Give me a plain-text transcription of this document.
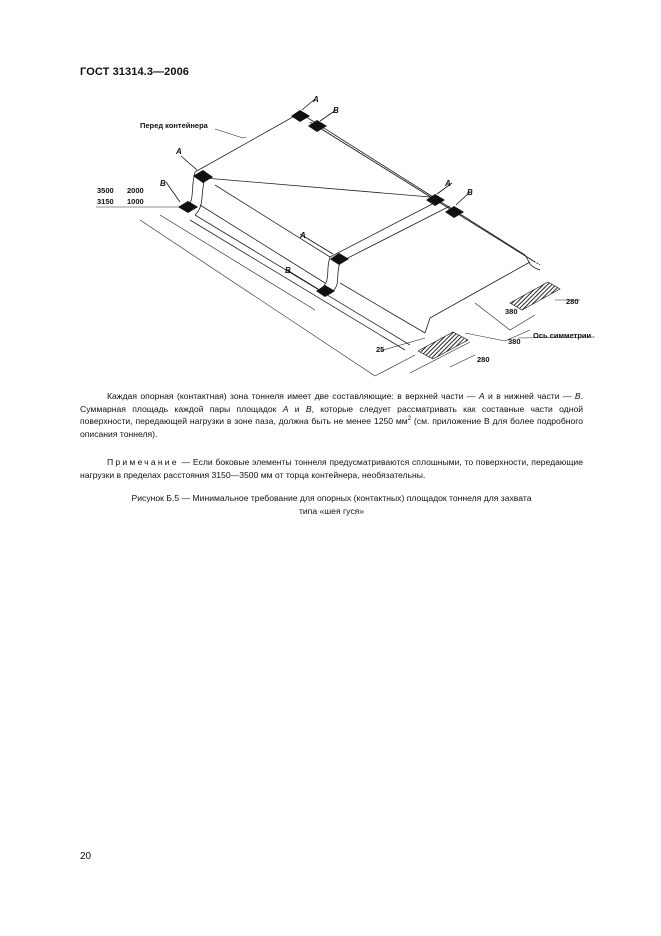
ГОСТ 31314.3—2006
Перед контейнера
A
B
A
B
A
B
A
B
3500
3150
2000
1000
25
380
380
280
280
Ось симметрии
Каждая опорная (контактная) зона тоннеля имеет две составляющие: в верхней части — A и в нижней части — B. Суммарная площадь каждой пары площадок A и B, которые следует рассматривать как составные части одной поверхности, передающей нагрузки в зоне паза, должна быть не менее 1250 $мм^2$ (см. приложение В для более подробного описания тоннеля).
Примечание — Если боковые элементы тоннеля предусматриваются сплошными, то поверхности, передающие нагрузки в пределах расстояния 3150—3500 мм от торца контейнера, необязательны.
Рисунок Б.5 — Минимальное требование для опорных (контактных) площадок тоннеля для захвата
типа «шея гуся»
20
